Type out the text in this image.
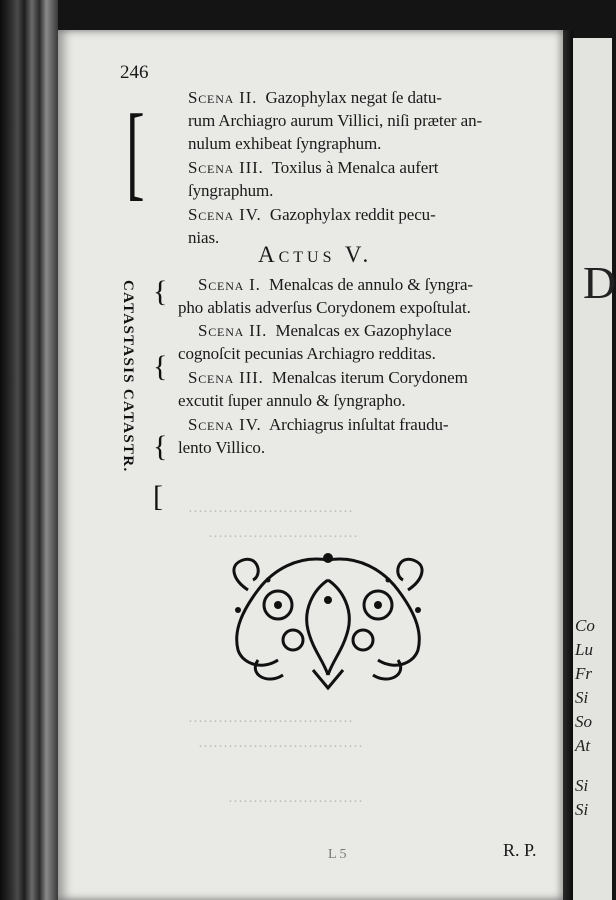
……………………………
…………………………
……………………………
……………………………
………………………
246
[	Scena II. Gazophylax negat ſe datu-
rum Archiagro aurum Villici, niſi præter an-
nulum exhibeat ſyngraphum.
Scena III. Toxilus à Menalca aufert
ſyngraphum.
Scena IV. Gazophylax reddit pecu-
nias.
Actus V.
{
{
{
[
CATASTASIS CATASTR.	Scena I. Menalcas de annulo & ſyngra-
pho ablatis adverſus Corydonem expoſtulat.
Scena II. Menalcas ex Gazophylace
cognoſcit pecunias Archiagro redditas.
Scena III. Menalcas iterum Corydonem
excutit ſuper annulo & ſyngrapho.
Scena IV. Archiagrus inſultat fraudu-
lento Villico.
L 5	R. P.
D
Co
Lu
Fr
Si
So
At
Si
Si
